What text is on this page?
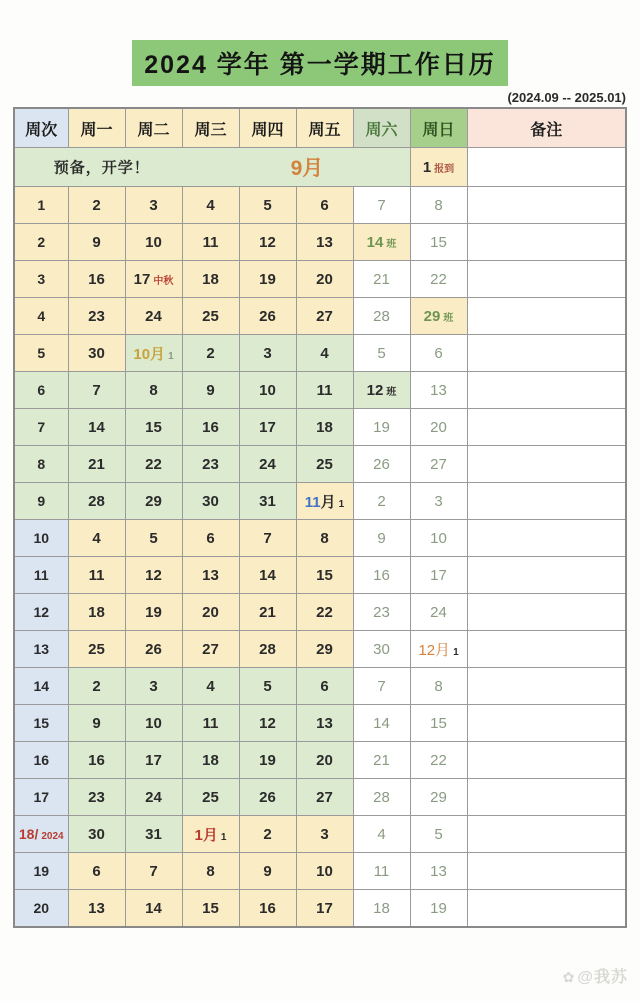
2024 学年 第一学期工作日历
(2024.09 -- 2025.01)
周次	周一	周二	周三	周四	周五	周六	周日	备注

预备，开学！ 9月							1 报到	
1	2	3	4	5	6	7	8	
2	9	10	11	12	13	14 班	15	
3	16	17 中秋	18	19	20	21	22	
4	23	24	25	26	27	28	29 班	
5	30	10月 1	2	3	4	5	6	
6	7	8	9	10	11	12 班	13	
7	14	15	16	17	18	19	20	
8	21	22	23	24	25	26	27	
9	28	29	30	31	11月 1	2	3	
10	4	5	6	7	8	9	10	
11	11	12	13	14	15	16	17	
12	18	19	20	21	22	23	24	
13	25	26	27	28	29	30	12月 1	
14	2	3	4	5	6	7	8	
15	9	10	11	12	13	14	15	
16	16	17	18	19	20	21	22	
17	23	24	25	26	27	28	29	
18/ 2024	30	31	1月 1	2	3	4	5	
19	6	7	8	9	10	11	13	
20	13	14	15	16	17	18	19	
✿ @我苏
